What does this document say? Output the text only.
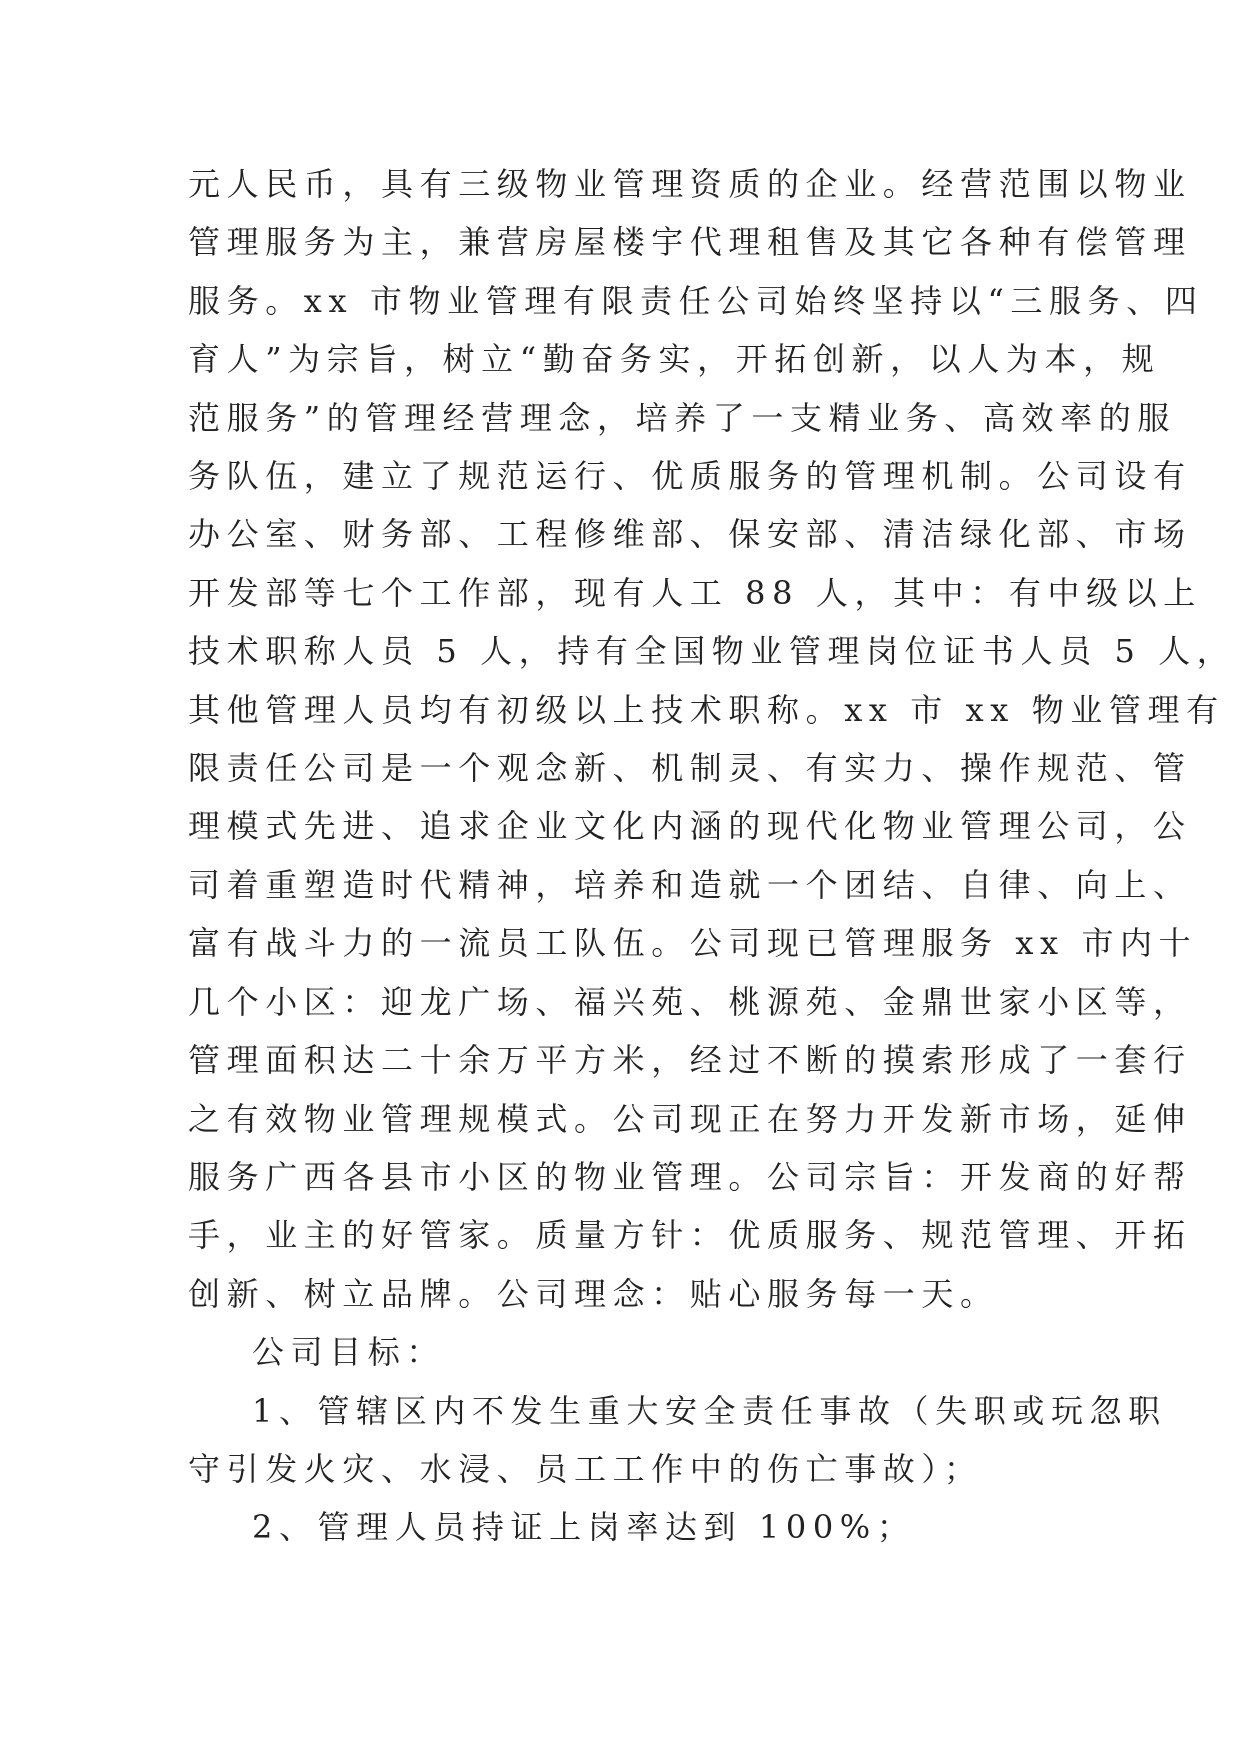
元人民币，具有三级物业管理资质的企业。经营范围以物业
管理服务为主，兼营房屋楼宇代理租售及其它各种有偿管理
服务。xx 市物业管理有限责任公司始终坚持以“三服务、四
育人”为宗旨，树立“勤奋务实，开拓创新，以人为本，规
范服务”的管理经营理念，培养了一支精业务、高效率的服
务队伍，建立了规范运行、优质服务的管理机制。公司设有
办公室、财务部、工程修维部、保安部、清洁绿化部、市场
开发部等七个工作部，现有人工 88 人，其中：有中级以上
技术职称人员 5 人，持有全国物业管理岗位证书人员 5 人，
其他管理人员均有初级以上技术职称。xx 市 xx 物业管理有
限责任公司是一个观念新、机制灵、有实力、操作规范、管
理模式先进、追求企业文化内涵的现代化物业管理公司，公
司着重塑造时代精神，培养和造就一个团结、自律、向上、
富有战斗力的一流员工队伍。公司现已管理服务 xx 市内十
几个小区：迎龙广场、福兴苑、桃源苑、金鼎世家小区等，
管理面积达二十余万平方米，经过不断的摸索形成了一套行
之有效物业管理规模式。公司现正在努力开发新市场，延伸
服务广西各县市小区的物业管理。公司宗旨：开发商的好帮
手，业主的好管家。质量方针：优质服务、规范管理、开拓
创新、树立品牌。公司理念：贴心服务每一天。

公司目标：

1、管辖区内不发生重大安全责任事故（失职或玩忽职
守引发火灾、水浸、员工工作中的伤亡事故）；

2、管理人员持证上岗率达到 100%；
